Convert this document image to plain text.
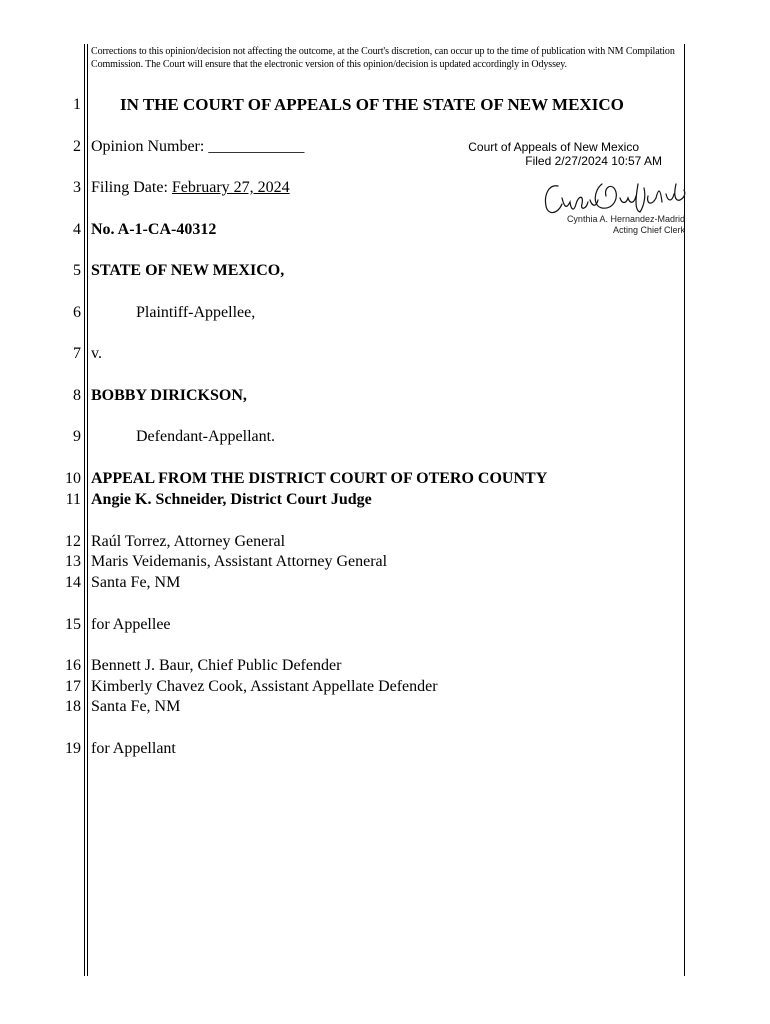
Corrections to this opinion/decision not affecting the outcome, at the Court's discretion, can occur up to the time of publication with NM Compilation Commission. The Court will ensure that the electronic version of this opinion/decision is updated accordingly in Odyssey.
1
2
3
4
5
6
7
8
9
10
11
12
13
14
15
16
17
18
19
IN THE COURT OF APPEALS OF THE STATE OF NEW MEXICO
Opinion Number: ____________
Filing Date: February 27, 2024
No. A-1-CA-40312
STATE OF NEW MEXICO,
Plaintiff-Appellee,
v.
BOBBY DIRICKSON,
Defendant-Appellant.
APPEAL FROM THE DISTRICT COURT OF OTERO COUNTY
Angie K. Schneider, District Court Judge
Raúl Torrez, Attorney General
Maris Veidemanis, Assistant Attorney General
Santa Fe, NM
for Appellee
Bennett J. Baur, Chief Public Defender
Kimberly Chavez Cook, Assistant Appellate Defender
Santa Fe, NM
for Appellant
Court of Appeals of New Mexico
Filed 2/27/2024 10:57 AM
Cynthia A. Hernandez-Madrid
Acting Chief Clerk
